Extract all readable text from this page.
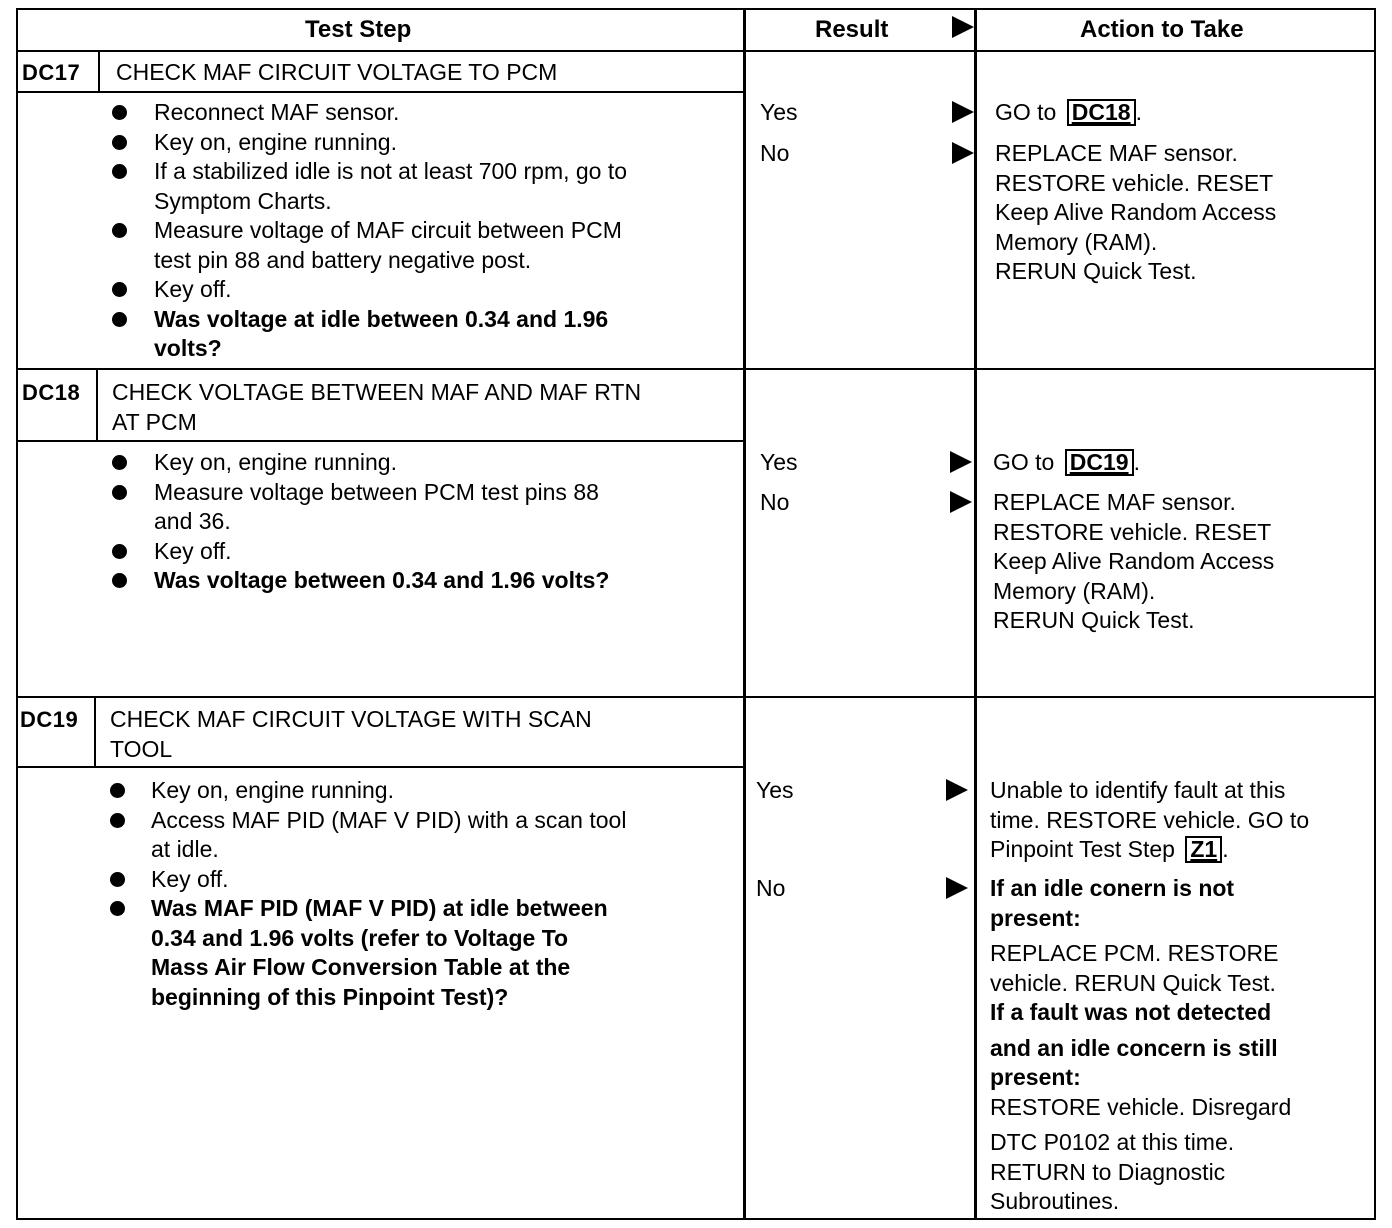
Test Step	Result	Action to Take
DC17 CHECK MAF CIRCUIT VOLTAGE TO PCM
Reconnect MAF sensor.
Key on, engine running.
If a stabilized idle is not at least 700 rpm, go to
Symptom Charts.
Measure voltage of MAF circuit between PCM
test pin 88 and battery negative post.
Key off.
Was voltage at idle between 0.34 and 1.96
volts?
Yes	GO to DC18 .
No	REPLACE MAF sensor.
RESTORE vehicle. RESET
Keep Alive Random Access
Memory (RAM).
RERUN Quick Test.
DC18 CHECK VOLTAGE BETWEEN MAF AND MAF RTN
AT PCM
Key on, engine running.
Measure voltage between PCM test pins 88
and 36.
Key off.
Was voltage between 0.34 and 1.96 volts?
Yes	GO to DC19 .
No	REPLACE MAF sensor.
RESTORE vehicle. RESET
Keep Alive Random Access
Memory (RAM).
RERUN Quick Test.
DC19 CHECK MAF CIRCUIT VOLTAGE WITH SCAN
TOOL
Key on, engine running.
Access MAF PID (MAF V PID) with a scan tool
at idle.
Key off.
Was MAF PID (MAF V PID) at idle between
0.34 and 1.96 volts (refer to Voltage To
Mass Air Flow Conversion Table at the
beginning of this Pinpoint Test)?
Yes	Unable to identify fault at this
time. RESTORE vehicle. GO to
Pinpoint Test Step Z1 .
No	If an idle conern is not
present:
REPLACE PCM. RESTORE
vehicle. RERUN Quick Test.
If a fault was not detected
and an idle concern is still
present:
RESTORE vehicle. Disregard
DTC P0102 at this time.
RETURN to Diagnostic
Subroutines.
